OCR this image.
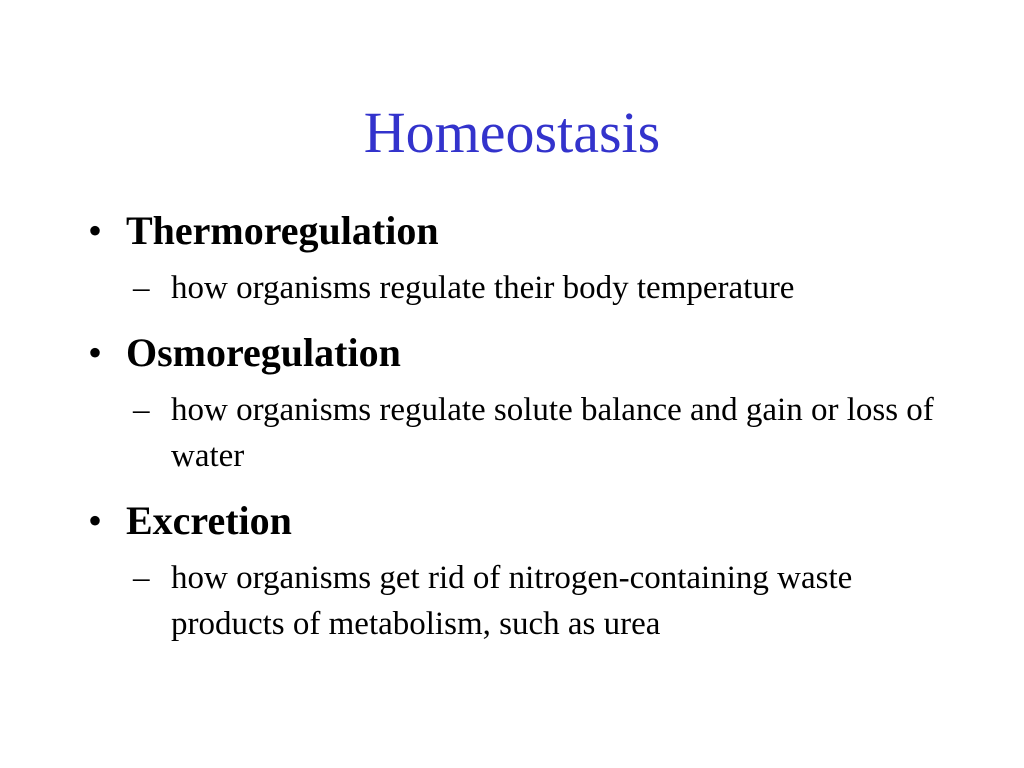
Homeostasis
• Thermoregulation
– how organisms regulate their body temperature
• Osmoregulation
– how organisms regulate solute balance and gain or loss of water
• Excretion
– how organisms get rid of nitrogen-containing waste products of metabolism, such as urea
